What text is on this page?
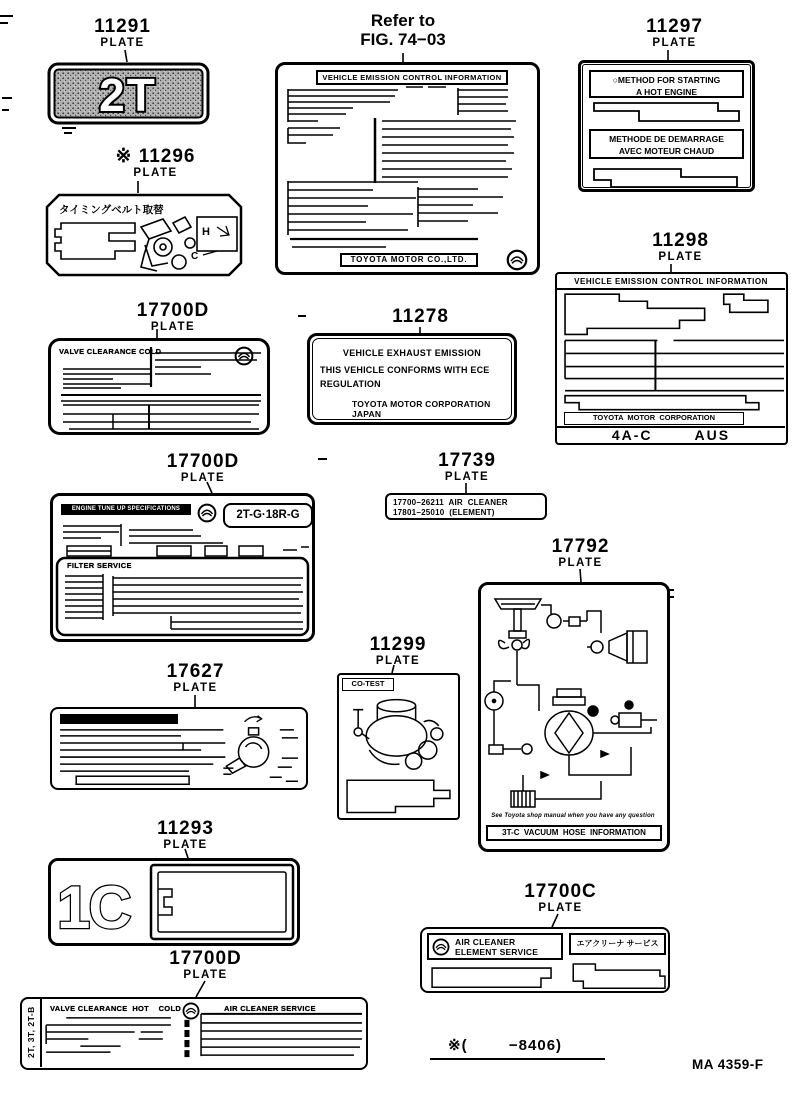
11291
PLATE
※ 11296
PLATE
Refer to
FIG. 74−03
11297
PLATE
11298
PLATE
17700D
PLATE	11278
17700D
PLATE
17739
PLATE
17792
PLATE
11299
PLATE
17627
PLATE
11293
PLATE
17700C
PLATE
17700D
PLATE
2T
タイミングベルト取替
H
C
VEHICLE EMISSION CONTROL INFORMATION
TOYOTA MOTOR CO.,LTD.
○METHOD FOR STARTING
A HOT ENGINE
METHODE DE DEMARRAGE
AVEC MOTEUR CHAUD
VEHICLE EMISSION CONTROL INFORMATION
TOYOTA  MOTOR  CORPORATION
4A-C	AUS
VALVE CLEARANCE COLD	VEHICLE EXHAUST EMISSION
THIS VEHICLE CONFORMS WITH ECE
REGULATION
TOYOTA MOTOR CORPORATION JAPAN
ENGINE TUNE UP SPECIFICATIONS	2T-G·18R-G
FILTER SERVICE
17700−26211  AIR  CLEANER
17801−25010  (ELEMENT)
See Toyota shop manual when you have any question
3T-C  VACUUM  HOSE  INFORMATION
CO-TEST
1C
AIR CLEANER
ELEMENT SERVICE
エアクリーナ サービス
2T, 3T, 2T-B	VALVE CLEARANCE  HOT    COLD	AIR CLEANER SERVICE
※(        −8406)
MA 4359-F
